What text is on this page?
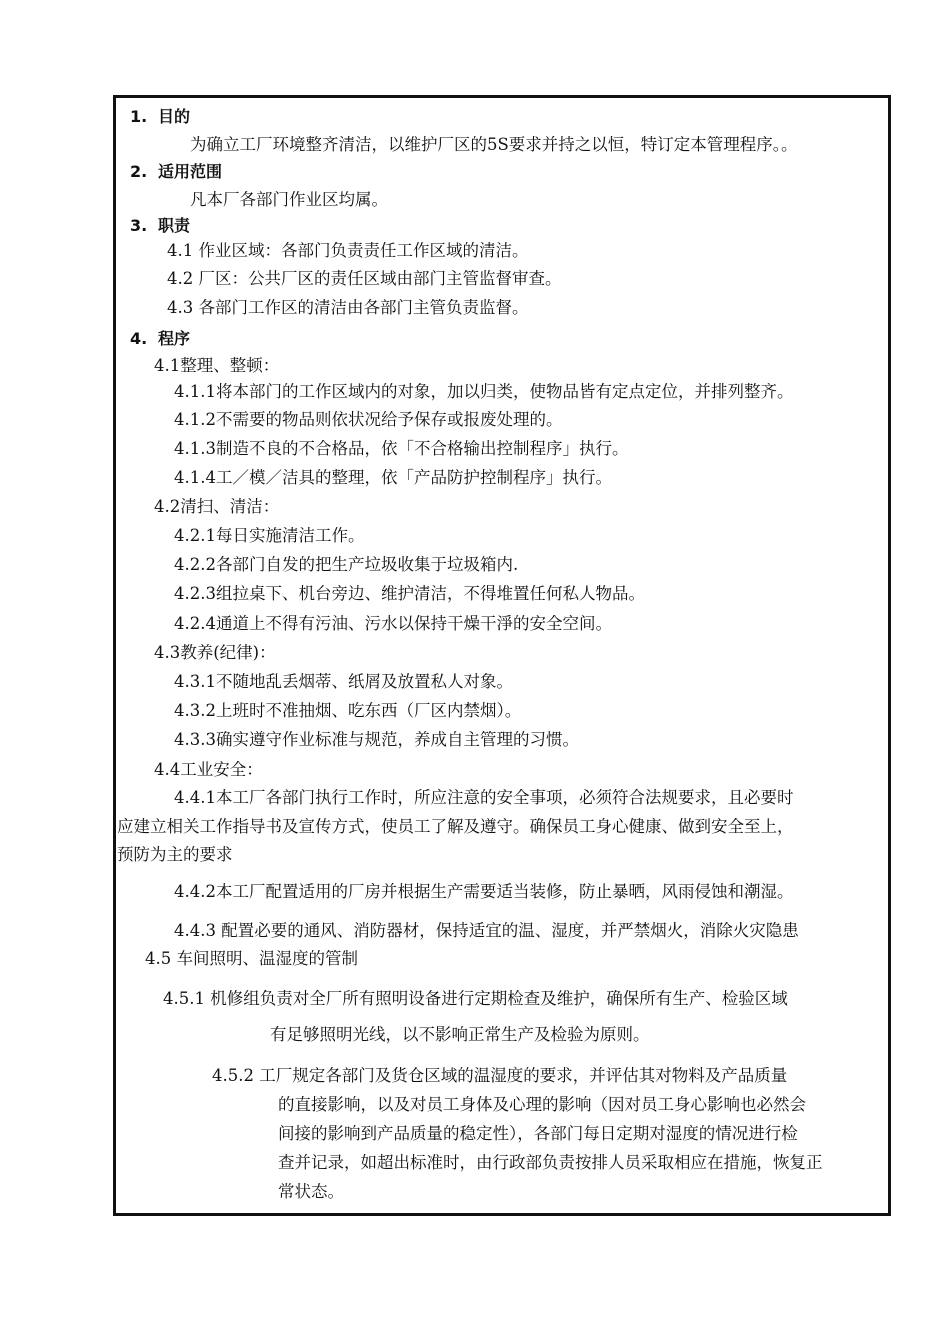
1. 目的
为确立工厂环境整齐清洁，以维护厂区的5S要求并持之以恒，特订定本管理程序。。
2. 适用范围
凡本厂各部门作业区均属。
3. 职责
4.1 作业区域：各部门负责责任工作区域的清洁。
4.2 厂区：公共厂区的责任区域由部门主管监督审查。
4.3 各部门工作区的清洁由各部门主管负责监督。
4. 程序
4.1整理、整顿：
4.1.1将本部门的工作区域内的对象，加以归类，使物品皆有定点定位，并排列整齐。
4.1.2不需要的物品则依状况给予保存或报废处理的。
4.1.3制造不良的不合格品，依「不合格输出控制程序」执行。
4.1.4工／模／洁具的整理，依「产品防护控制程序」执行。
4.2清扫、清洁：
4.2.1每日实施清洁工作。
4.2.2各部门自发的把生产垃圾收集于垃圾箱内.
4.2.3组拉桌下、机台旁边、维护清洁，不得堆置任何私人物品。
4.2.4通道上不得有污油、污水以保持干燥干淨的安全空间。
4.3教养(纪律)：
4.3.1不随地乱丢烟蒂、纸屑及放置私人对象。
4.3.2上班时不准抽烟、吃东西（厂区内禁烟）。
4.3.3确实遵守作业标准与规范，养成自主管理的习惯。
4.4工业安全：
4.4.1本工厂各部门执行工作时，所应注意的安全事项，必须符合法规要求，且必要时
应建立相关工作指导书及宣传方式，使员工了解及遵守。确保员工身心健康、做到安全至上，
预防为主的要求
4.4.2本工厂配置适用的厂房并根据生产需要适当装修，防止暴晒，风雨侵蚀和潮湿。
4.4.3 配置必要的通风、消防器材，保持适宜的温、湿度，并严禁烟火，消除火灾隐患
4.5 车间照明、温湿度的管制
4.5.1 机修组负责对全厂所有照明设备进行定期检查及维护，确保所有生产、检验区域
有足够照明光线，以不影响正常生产及检验为原则。
4.5.2 工厂规定各部门及货仓区域的温湿度的要求，并评估其对物料及产品质量
的直接影响，以及对员工身体及心理的影响（因对员工身心影响也必然会
间接的影响到产品质量的稳定性），各部门每日定期对湿度的情况进行检
查并记录，如超出标准时，由行政部负责按排人员采取相应在措施，恢复正
常状态。
